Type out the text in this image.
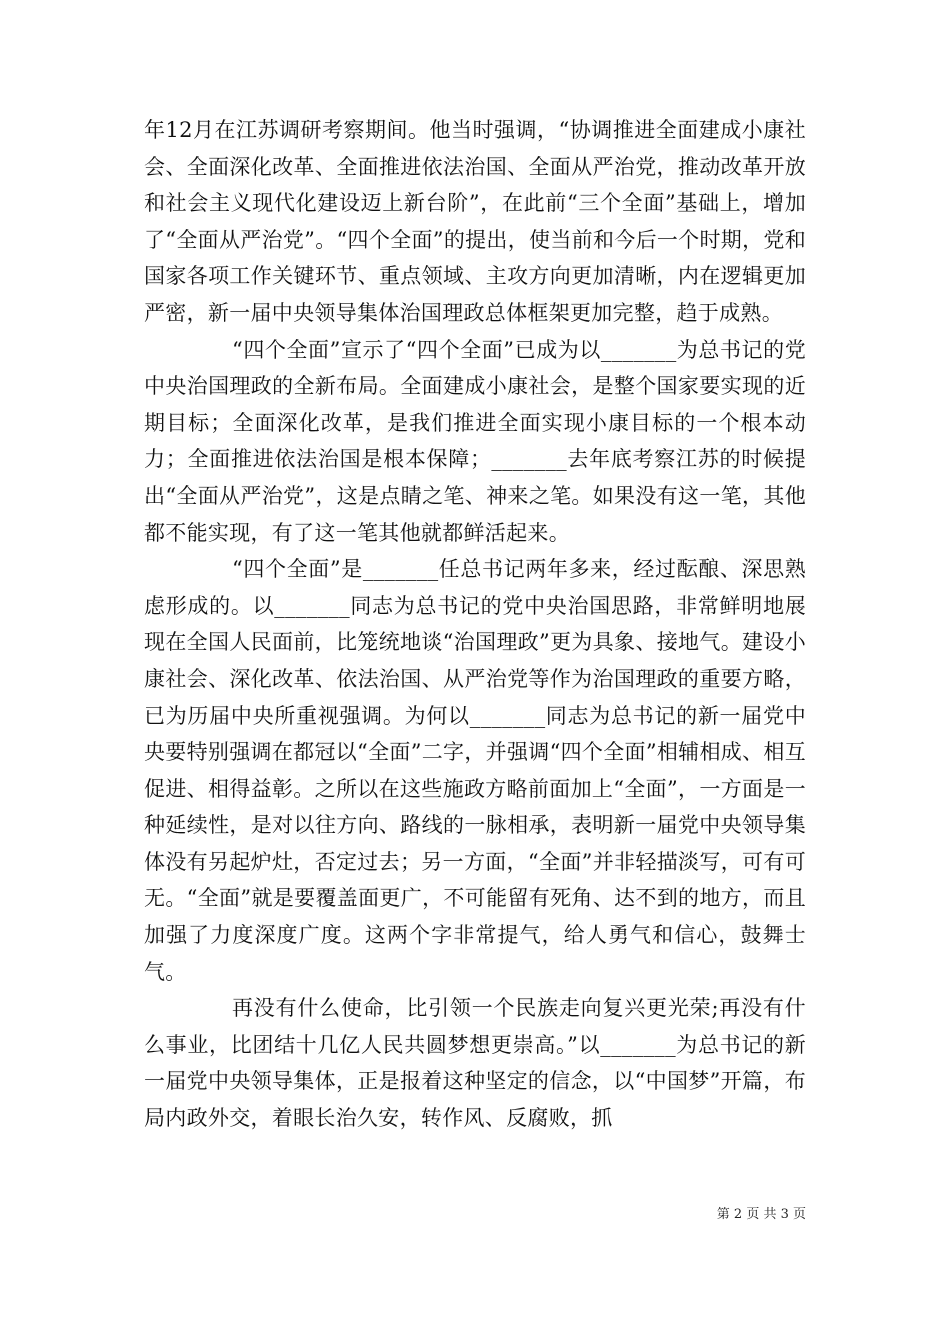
年12月在江苏调研考察期间。他当时强调，“协调推进全面建成小康社会、全面深化改革、全面推进依法治国、全面从严治党，推动改革开放和社会主义现代化建设迈上新台阶”，在此前“三个全面”基础上，增加了“全面从严治党”。“四个全面”的提出，使当前和今后一个时期，党和国家各项工作关键环节、重点领域、主攻方向更加清晰，内在逻辑更加严密，新一届中央领导集体治国理政总体框架更加完整，趋于成熟。

“四个全面”宣示了“四个全面”已成为以_______为总书记的党中央治国理政的全新布局。全面建成小康社会，是整个国家要实现的近期目标；全面深化改革，是我们推进全面实现小康目标的一个根本动力；全面推进依法治国是根本保障；_______去年底考察江苏的时候提出“全面从严治党”，这是点睛之笔、神来之笔。如果没有这一笔，其他都不能实现，有了这一笔其他就都鲜活起来。

“四个全面”是_______任总书记两年多来，经过酝酿、深思熟虑形成的。以_______同志为总书记的党中央治国思路，非常鲜明地展现在全国人民面前，比笼统地谈“治国理政”更为具象、接地气。建设小康社会、深化改革、依法治国、从严治党等作为治国理政的重要方略，已为历届中央所重视强调。为何以_______同志为总书记的新一届党中央要特别强调在都冠以“全面”二字，并强调“四个全面”相辅相成、相互促进、相得益彰。之所以在这些施政方略前面加上“全面”，一方面是一种延续性，是对以往方向、路线的一脉相承，表明新一届党中央领导集体没有另起炉灶，否定过去；另一方面，“全面”并非轻描淡写，可有可无。“全面”就是要覆盖面更广，不可能留有死角、达不到的地方，而且加强了力度深度广度。这两个字非常提气，给人勇气和信心，鼓舞士气。

再没有什么使命，比引领一个民族走向复兴更光荣;再没有什么事业，比团结十几亿人民共圆梦想更崇高。”以_______为总书记的新一届党中央领导集体，正是报着这种坚定的信念，以“中国梦”开篇，布局内政外交，着眼长治久安，转作风、反腐败，抓

第 2 页 共 3 页
